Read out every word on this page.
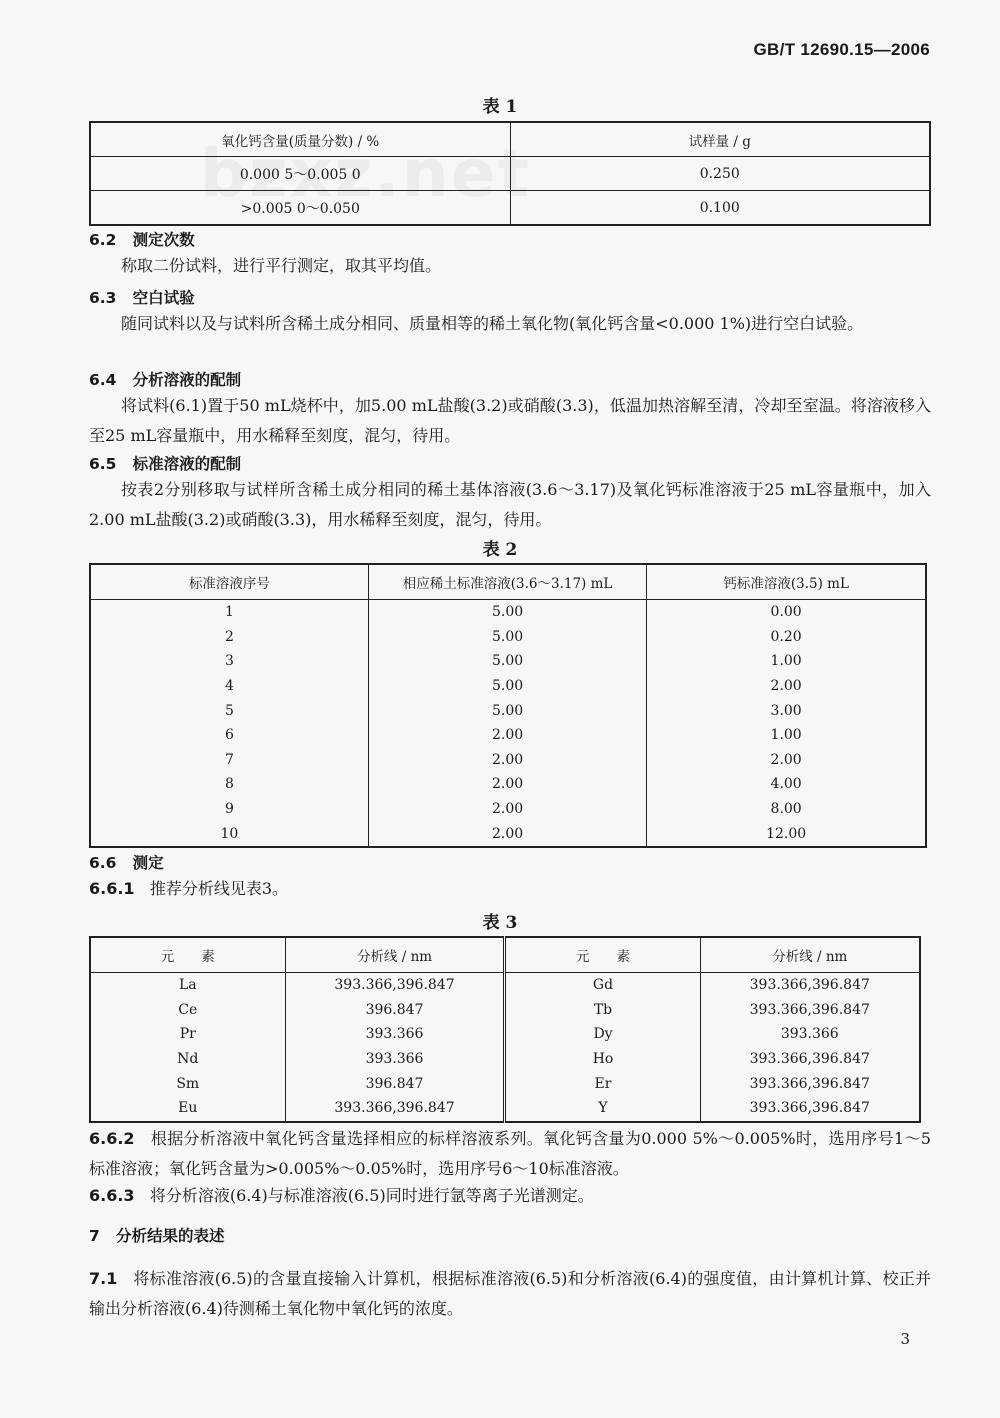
GB/T 12690.15—2006
表 1
氧化钙含量(质量分数) / %	试样量 / g
0.000 5～0.005 0	0.250
>0.005 0～0.050	0.100
6.2 测定次数
称取二份试料，进行平行测定，取其平均值。
6.3 空白试验
随同试料以及与试料所含稀土成分相同、质量相等的稀土氧化物(氧化钙含量<0.000 1%)进行空白试验。
6.4 分析溶液的配制
将试料(6.1)置于50 mL烧杯中，加5.00 mL盐酸(3.2)或硝酸(3.3)，低温加热溶解至清，冷却至室温。将溶液移入至25 mL容量瓶中，用水稀释至刻度，混匀，待用。
6.5 标准溶液的配制
按表2分别移取与试样所含稀土成分相同的稀土基体溶液(3.6～3.17)及氧化钙标准溶液于25 mL容量瓶中，加入2.00 mL盐酸(3.2)或硝酸(3.3)，用水稀释至刻度，混匀，待用。
表 2
标准溶液序号	相应稀土标准溶液(3.6～3.17) mL	钙标准溶液(3.5) mL
1	5.00	0.00
2	5.00	0.20
3	5.00	1.00
4	5.00	2.00
5	5.00	3.00
6	2.00	1.00
7	2.00	2.00
8	2.00	4.00
9	2.00	8.00
10	2.00	12.00
6.6 测定
6.6.1 推荐分析线见表3。
表 3
元　　素	分析线 / nm	元　　素	分析线 / nm
La	393.366,396.847	Gd	393.366,396.847
Ce	396.847	Tb	393.366,396.847
Pr	393.366	Dy	393.366
Nd	393.366	Ho	393.366,396.847
Sm	396.847	Er	393.366,396.847
Eu	393.366,396.847	Y	393.366,396.847
6.6.2 根据分析溶液中氧化钙含量选择相应的标样溶液系列。氧化钙含量为0.000 5%～0.005%时，选用序号1～5标准溶液；氧化钙含量为>0.005%～0.05%时，选用序号6～10标准溶液。
6.6.3 将分析溶液(6.4)与标准溶液(6.5)同时进行氩等离子光谱测定。
7 分析结果的表述
7.1 将标准溶液(6.5)的含量直接输入计算机，根据标准溶液(6.5)和分析溶液(6.4)的强度值，由计算机计算、校正并输出分析溶液(6.4)待测稀土氧化物中氧化钙的浓度。
3
